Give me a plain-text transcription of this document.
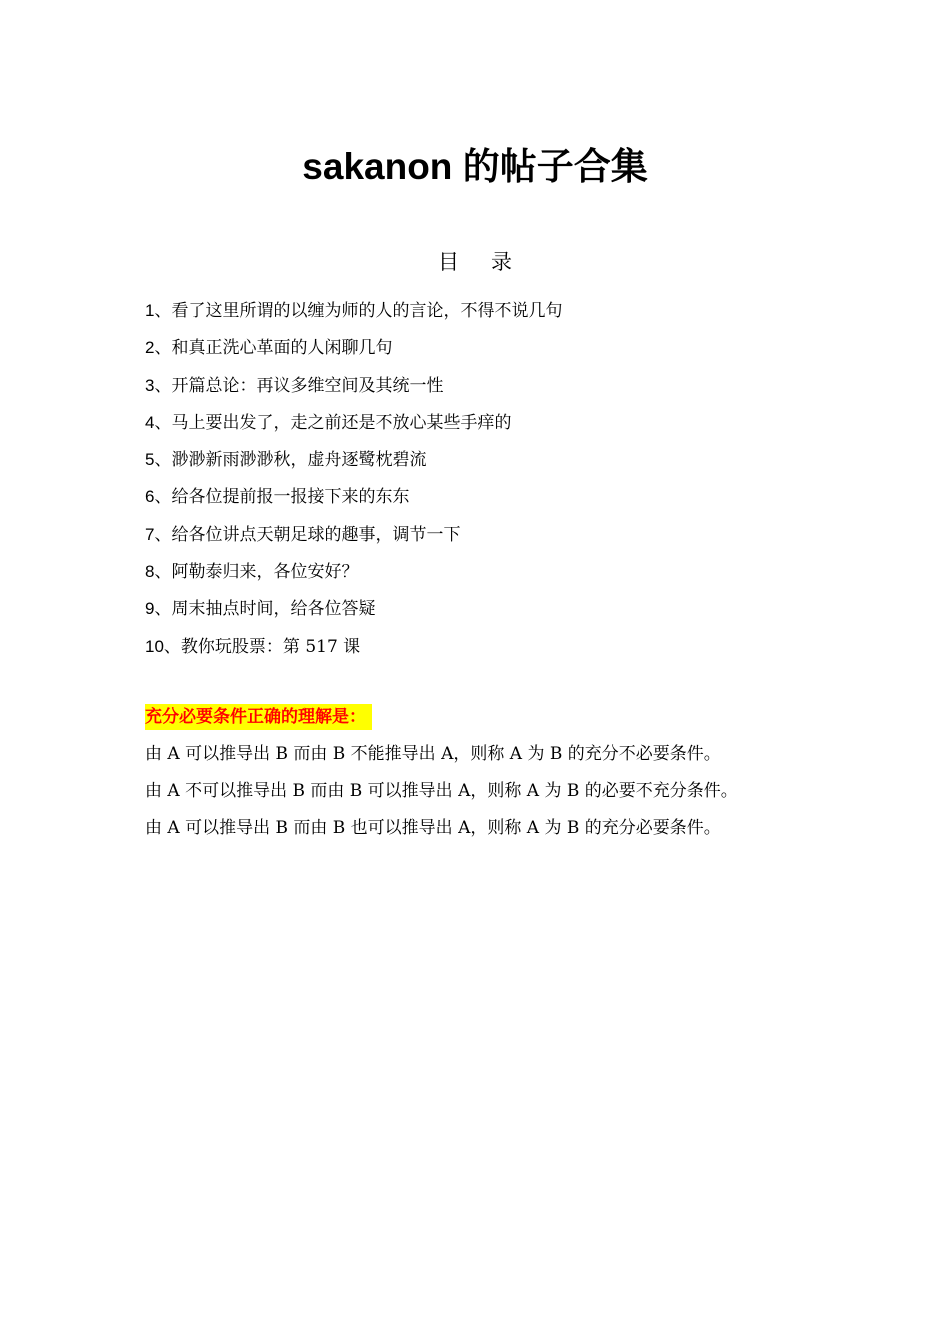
sakanon 的帖子合集
目录
1、看了这里所谓的以缠为师的人的言论，不得不说几句
2、和真正洗心革面的人闲聊几句
3、开篇总论：再议多维空间及其统一性
4、马上要出发了，走之前还是不放心某些手痒的
5、渺渺新雨渺渺秋，虚舟逐鹭枕碧流
6、给各位提前报一报接下来的东东
7、给各位讲点天朝足球的趣事，调节一下
8、阿勒泰归来，各位安好？
9、周末抽点时间，给各位答疑
10、教你玩股票：第 517 课
充分必要条件正确的理解是：
由 A 可以推导出 B 而由 B 不能推导出 A，则称 A 为 B 的充分不必要条件。
由 A 不可以推导出 B 而由 B 可以推导出 A，则称 A 为 B 的必要不充分条件。
由 A 可以推导出 B 而由 B 也可以推导出 A，则称 A 为 B 的充分必要条件。
